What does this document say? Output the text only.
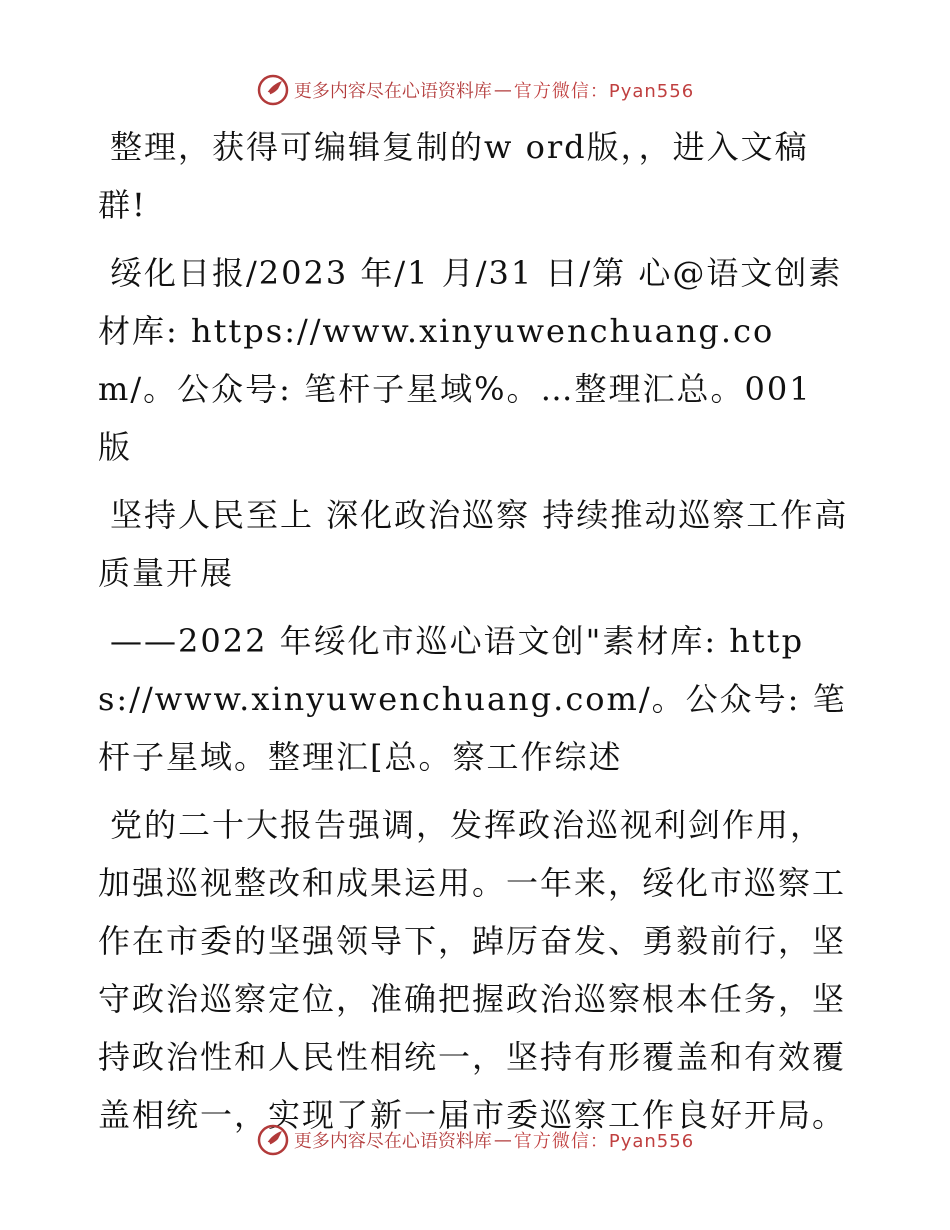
更多内容尽在心语资料库 — 官方微信：Pyan556

整理，获得可编辑复制的w ord版，，进入文稿群!

绥化日报/2023 年/1 月/31 日/第 心@语文创素材库: https://www.xinyuwenchuang.com/。公众号: 笔杆子星域%。…整理汇总。001 版

坚持人民至上 深化政治巡察 持续推动巡察工作高质量开展

——2022 年绥化市巡心语文创"素材库: https://www.xinyuwenchuang.com/。公众号: 笔杆子星域。整理汇[总。察工作综述

党的二十大报告强调，发挥政治巡视利剑作用，加强巡视整改和成果运用。一年来，绥化市巡察工作在市委的坚强领导下，踔厉奋发、勇毅前行，坚守政治巡察定位，准确把握政治巡察根本任务，坚持政治性和人民性相统一，坚持有形覆盖和有效覆盖相统一，实现了新一届市委巡察工作良好开局。

更多内容尽在心语资料库 — 官方微信：Pyan556
